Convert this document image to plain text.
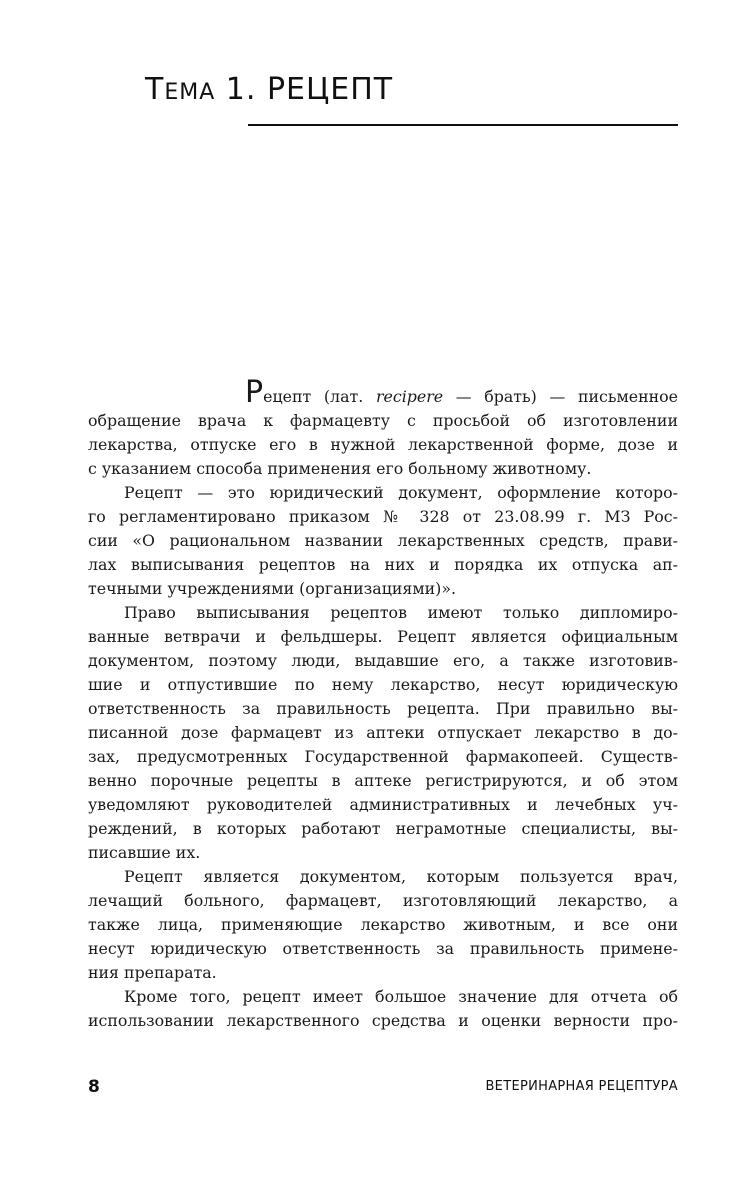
ТЕМА 1. РЕЦЕПТ
Рецепт (лат. recipere — брать) — письменное
обращение врача к фармацевту с просьбой об изготовлении
лекарства, отпуске его в нужной лекарственной форме, дозе и
с указанием способа применения его больному животному.
Рецепт — это юридический документ, оформление которо-
го регламентировано приказом № 328 от 23.08.99 г. МЗ Рос-
сии «О рациональном названии лекарственных средств, прави-
лах выписывания рецептов на них и порядка их отпуска ап-
течными учреждениями (организациями)».
Право выписывания рецептов имеют только дипломиро-
ванные ветврачи и фельдшеры. Рецепт является официальным
документом, поэтому люди, выдавшие его, а также изготовив-
шие и отпустившие по нему лекарство, несут юридическую
ответственность за правильность рецепта. При правильно вы-
писанной дозе фармацевт из аптеки отпускает лекарство в до-
зах, предусмотренных Государственной фармакопеей. Существ-
венно порочные рецепты в аптеке регистрируются, и об этом
уведомляют руководителей административных и лечебных уч-
реждений, в которых работают неграмотные специалисты, вы-
писавшие их.
Рецепт является документом, которым пользуется врач,
лечащий больного, фармацевт, изготовляющий лекарство, а
также лица, применяющие лекарство животным, и все они
несут юридическую ответственность за правильность примене-
ния препарата.
Кроме того, рецепт имеет большое значение для отчета об
использовании лекарственного средства и оценки верности про-
8	ВЕТЕРИНАРНАЯ РЕЦЕПТУРА
